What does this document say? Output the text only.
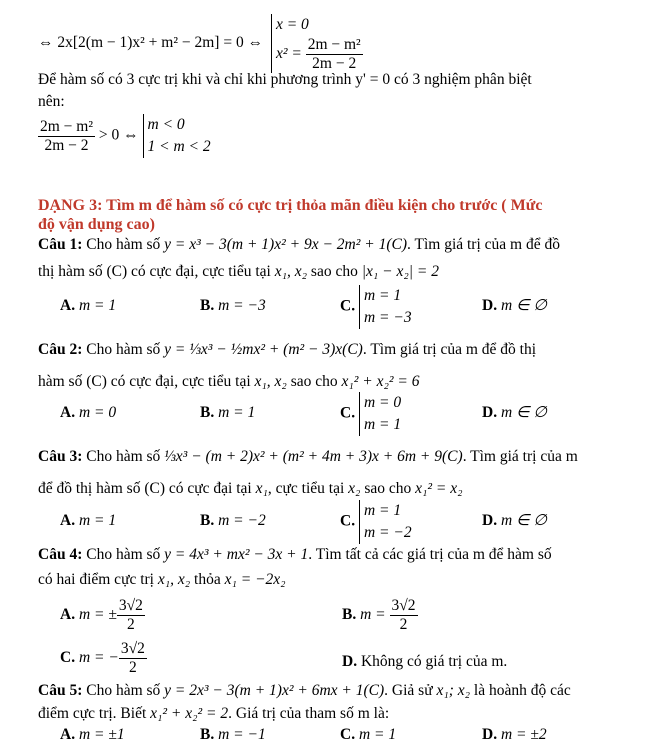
⇔ 2x[2(m − 1)x² + m² − 2m] = 0 ⇔
x = 0
$x^2 = \frac{\text{2m − m²}}{2m - 2}$
Để hàm số có 3 cực trị khi và chỉ khi phương trình y' = 0 có 3 nghiệm phân biệt
nên:
$\frac{\text{2m − m²}}{2m - 2} > 0$ ⇔
m < 0
1 < m < 2
DẠNG 3: Tìm m để hàm số có cực trị thỏa mãn điều kiện cho trước ( Mức
độ vận dụng cao)
Câu 1: Cho hàm số y = x³ − 3(m + 1)x² + 9x − 2m² + 1(C). Tìm giá trị của m để đồ
thị hàm số (C) có cực đại, cực tiểu tại x₁, x₂ sao cho |x₁ − x₂| = 2
A. m = 1	B. m = −3	C.
m = 1
m = −3
D. m ∈ ∅
Câu 2: Cho hàm số y = ⅓x³ − ½mx² + (m² − 3)x(C). Tìm giá trị của m để đồ thị
hàm số (C) có cực đại, cực tiểu tại x₁, x₂ sao cho x₁² + x₂² = 6
A. m = 0	B. m = 1	C.
m = 0
m = 1
D. m ∈ ∅
Câu 3: Cho hàm số ⅓x³ − (m + 2)x² + (m² + 4m + 3)x + 6m + 9(C). Tìm giá trị của m
để đồ thị hàm số (C) có cực đại tại x₁, cực tiểu tại x₂ sao cho x₁² = x₂
A. m = 1	B. m = −2	C.
m = 1
m = −2
D. m ∈ ∅
Câu 4: Cho hàm số y = 4x³ + mx² − 3x + 1. Tìm tất cả các giá trị của m để hàm số
có hai điểm cực trị x₁, x₂ thỏa x₁ = −2x₂
A. m = ± $\frac{3√2}{2}$	B. $m = \frac{3√2}{2}$
C. m = − $\frac{3√2}{2}$	D. Không có giá trị của m.
Câu 5: Cho hàm số y = 2x³ − 3(m + 1)x² + 6mx + 1(C). Giả sử x₁; x₂ là hoành độ các
điểm cực trị. Biết x₁² + x₂² = 2. Giá trị của tham số m là:
A. m = ±1	B. m = −1	C. m = 1	D. m = ±2
